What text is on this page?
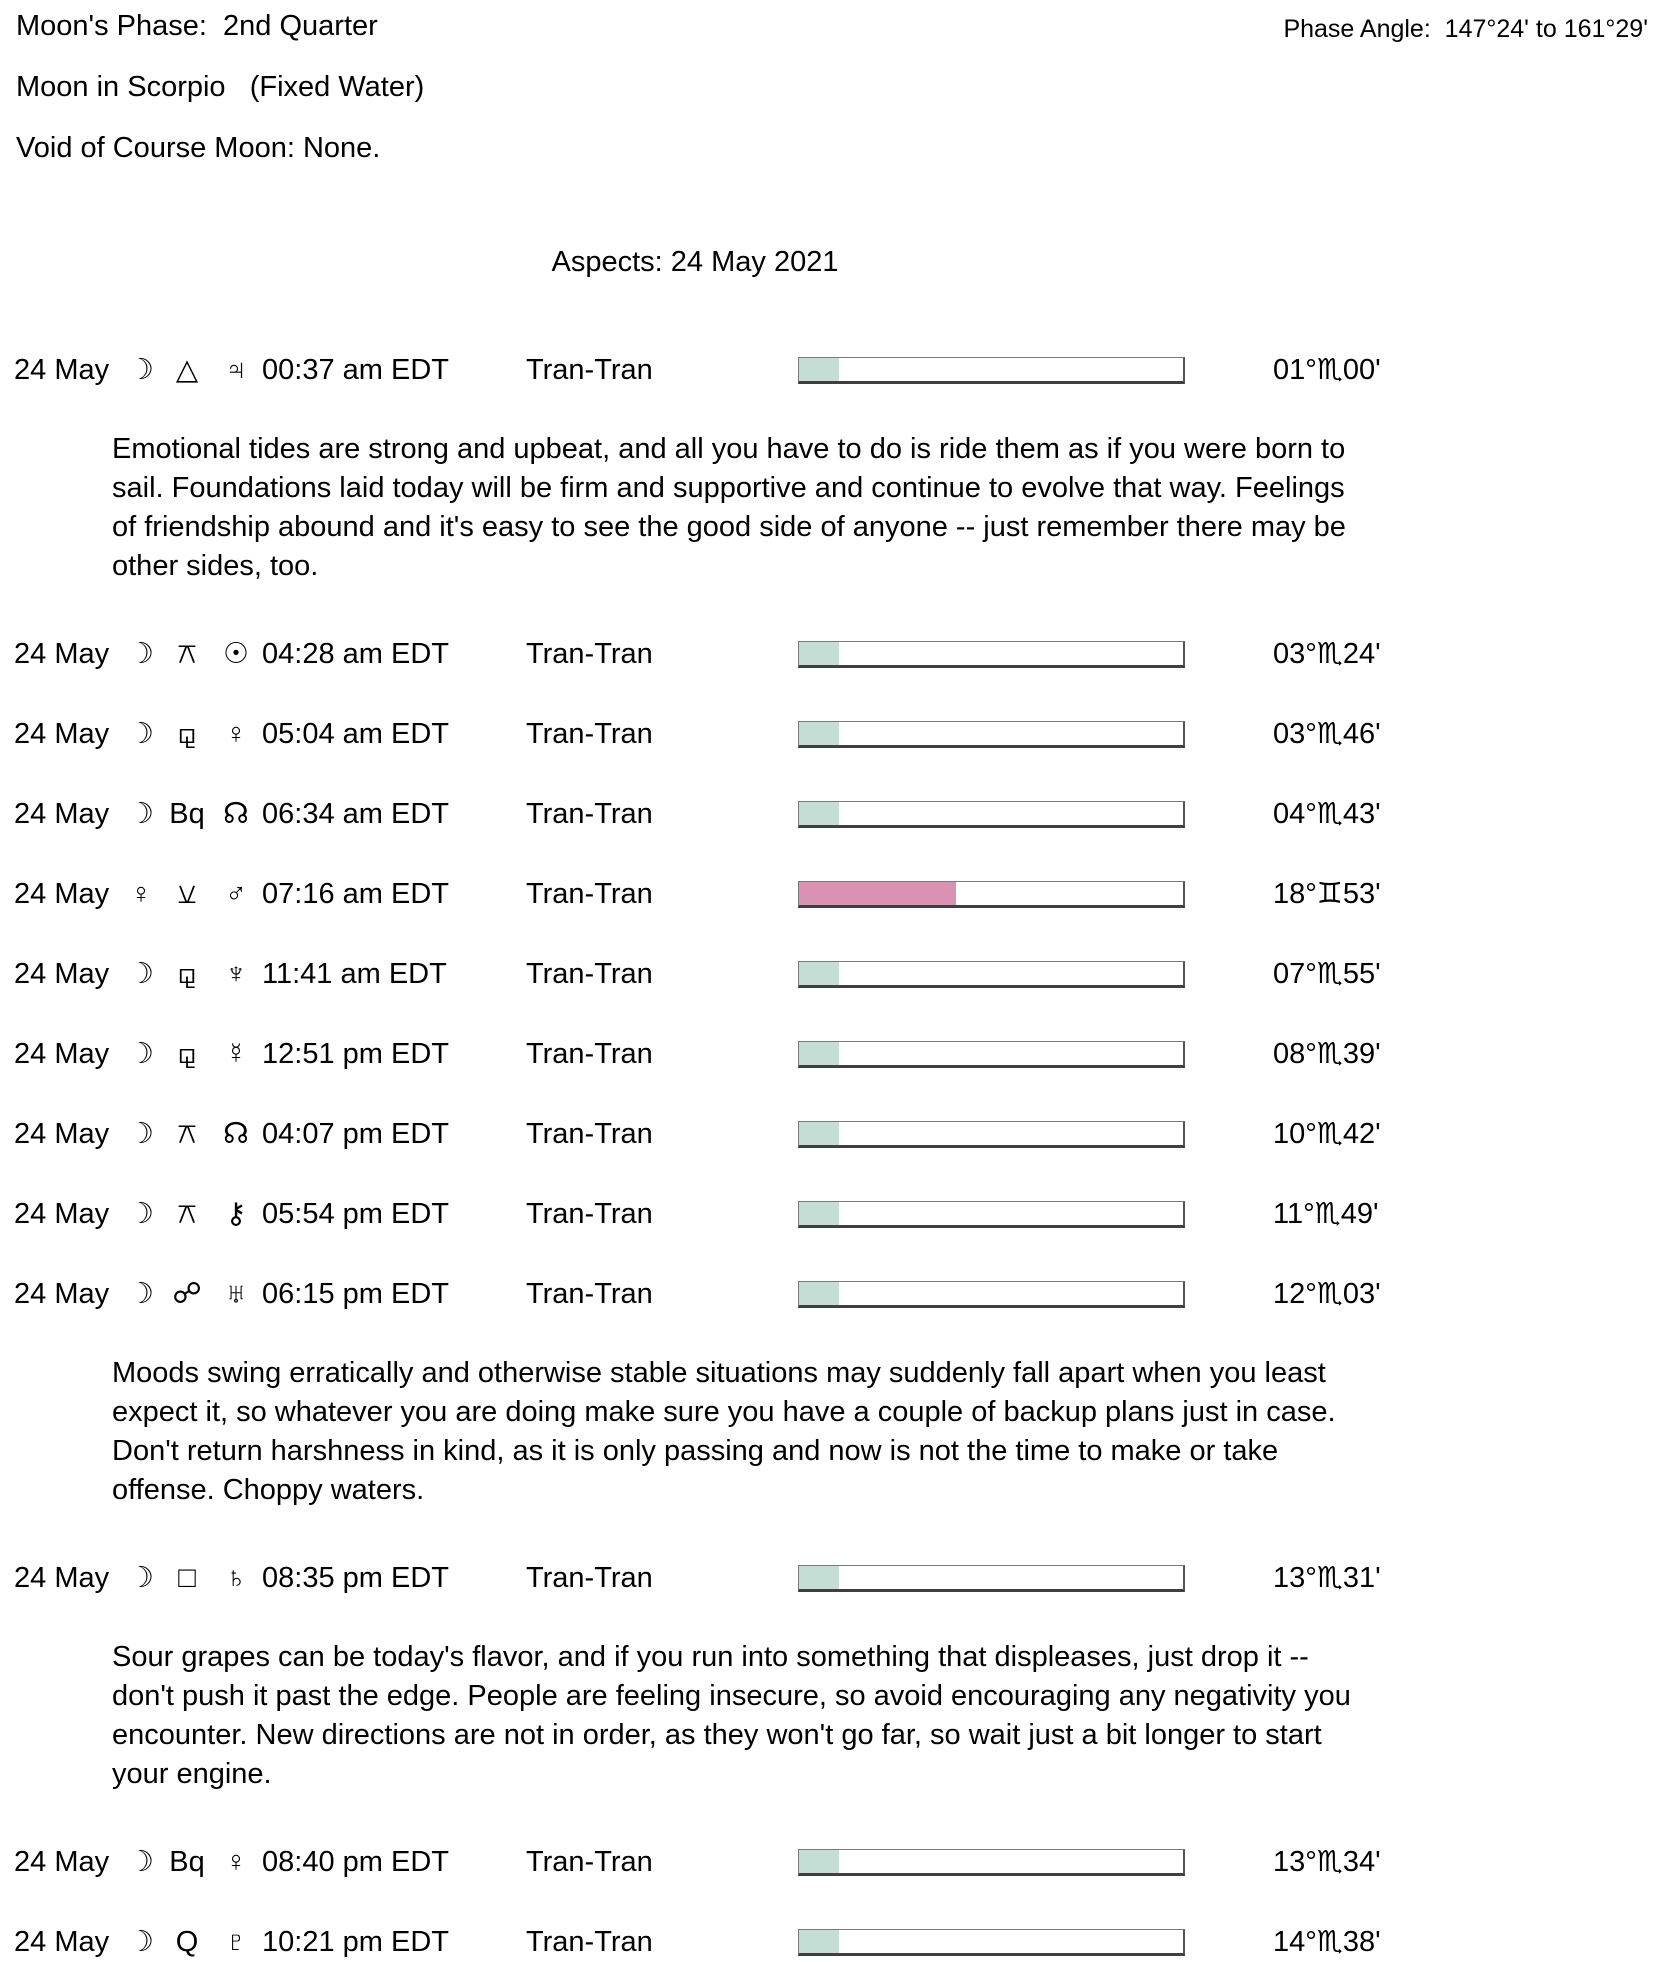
Moon's Phase:  2nd Quarter	Phase Angle:  147°24' to 161°29'
Moon in Scorpio   (Fixed Water)
Void of Course Moon: None.
Aspects: 24 May 2021
24 May ☽ △ ♃ 00:37 am EDT	Tran-Tran	01°♏00'
Emotional tides are strong and upbeat, and all you have to do is ride them as if you were born to sail. Foundations laid today will be firm and supportive and continue to evolve that way. Feelings of friendship abound and it's easy to see the good side of anyone -- just remember there may be other sides, too.
24 May ☽ ⚻ ☉ 04:28 am EDT	Tran-Tran	03°♏24'
24 May ☽ ⚼ ♀ 05:04 am EDT	Tran-Tran	03°♏46'
24 May ☽ Bq ☊ 06:34 am EDT	Tran-Tran	04°♏43'
24 May ♀ ⚺ ♂ 07:16 am EDT	Tran-Tran	18°♊53'
24 May ☽ ⚼ ♆ 11:41 am EDT	Tran-Tran	07°♏55'
24 May ☽ ⚼ ☿ 12:51 pm EDT	Tran-Tran	08°♏39'
24 May ☽ ⚻ ☊ 04:07 pm EDT	Tran-Tran	10°♏42'
24 May ☽ ⚻ ⚷ 05:54 pm EDT	Tran-Tran	11°♏49'
24 May ☽ ☍ ♅ 06:15 pm EDT	Tran-Tran	12°♏03'
Moods swing erratically and otherwise stable situations may suddenly fall apart when you least expect it, so whatever you are doing make sure you have a couple of backup plans just in case. Don't return harshness in kind, as it is only passing and now is not the time to make or take offense. Choppy waters.
24 May ☽ □	♄ 08:35 pm EDT	Tran-Tran	13°♏31'
Sour grapes can be today's flavor, and if you run into something that displeases, just drop it -- don't push it past the edge. People are feeling insecure, so avoid encouraging any negativity you encounter. New directions are not in order, as they won't go far, so wait just a bit longer to start your engine.
24 May ☽ Bq ♀ 08:40 pm EDT	Tran-Tran	13°♏34'
24 May ☽ Q ♇ 10:21 pm EDT	Tran-Tran	14°♏38'
